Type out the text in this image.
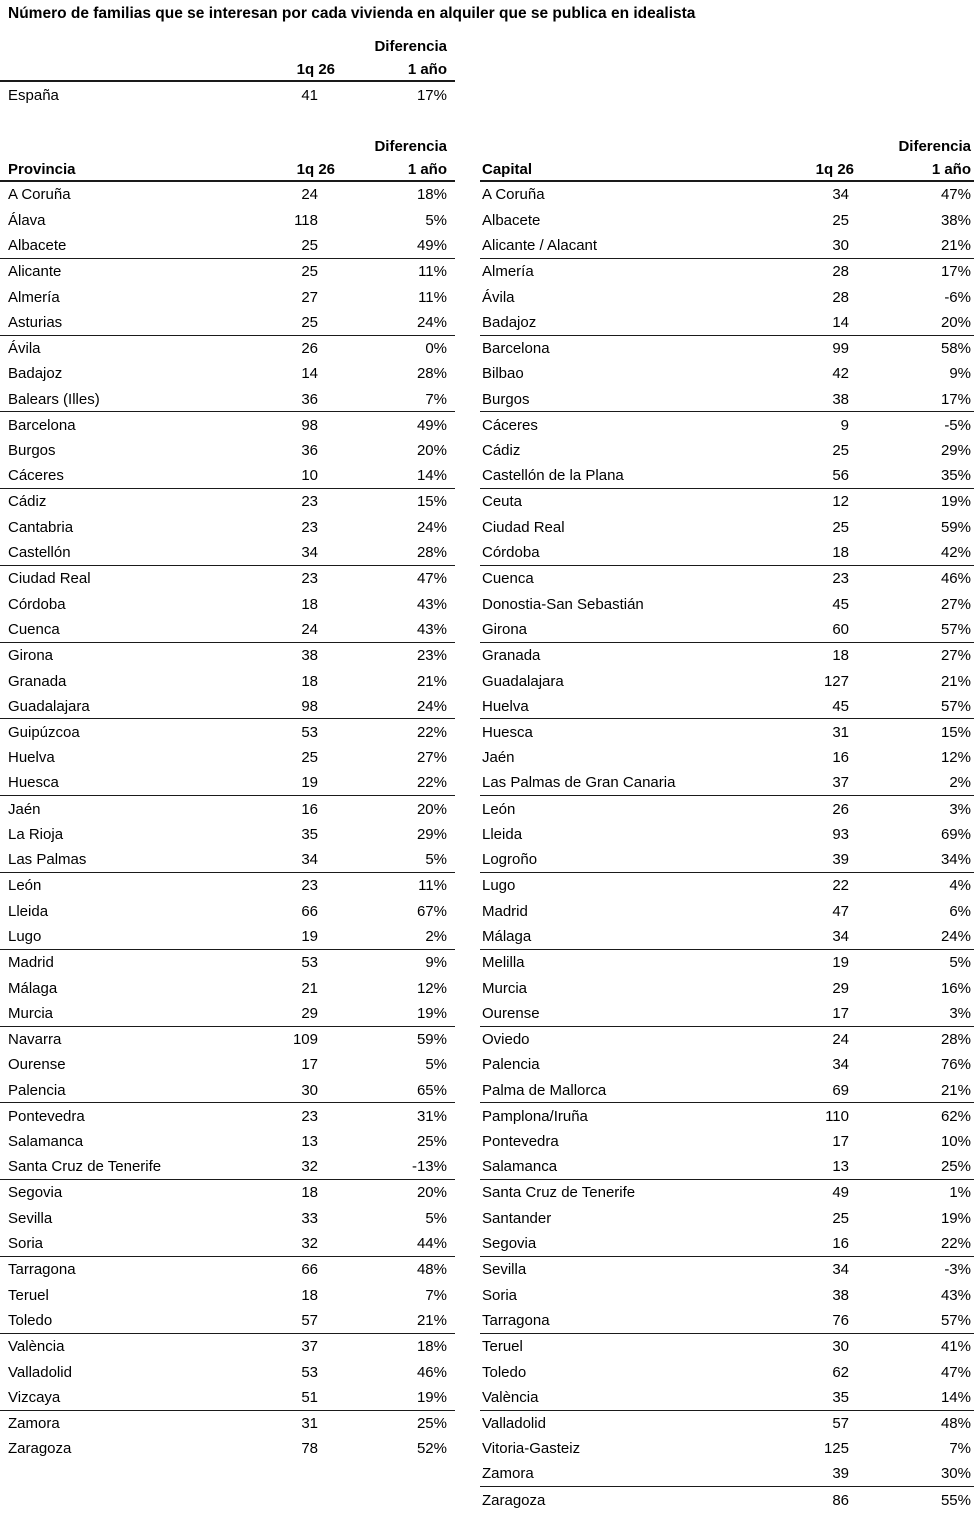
Número de familias que se interesan por cada vivienda en alquiler que se publica en idealista
Diferencia
1q 26	1 año
España	41	17%
Diferencia
Provincia	1q 26	1 año
A Coruña	24	18%
Álava	118	5%
Albacete	25	49%
Alicante	25	11%
Almería	27	11%
Asturias	25	24%
Ávila	26	0%
Badajoz	14	28%
Balears (Illes)	36	7%
Barcelona	98	49%
Burgos	36	20%
Cáceres	10	14%
Cádiz	23	15%
Cantabria	23	24%
Castellón	34	28%
Ciudad Real	23	47%
Córdoba	18	43%
Cuenca	24	43%
Girona	38	23%
Granada	18	21%
Guadalajara	98	24%
Guipúzcoa	53	22%
Huelva	25	27%
Huesca	19	22%
Jaén	16	20%
La Rioja	35	29%
Las Palmas	34	5%
León	23	11%
Lleida	66	67%
Lugo	19	2%
Madrid	53	9%
Málaga	21	12%
Murcia	29	19%
Navarra	109	59%
Ourense	17	5%
Palencia	30	65%
Pontevedra	23	31%
Salamanca	13	25%
Santa Cruz de Tenerife	32	-13%
Segovia	18	20%
Sevilla	33	5%
Soria	32	44%
Tarragona	66	48%
Teruel	18	7%
Toledo	57	21%
València	37	18%
Valladolid	53	46%
Vizcaya	51	19%
Zamora	31	25%
Zaragoza	78	52%
Diferencia
Capital	1q 26	1 año
A Coruña	34	47%
Albacete	25	38%
Alicante / Alacant	30	21%
Almería	28	17%
Ávila	28	-6%
Badajoz	14	20%
Barcelona	99	58%
Bilbao	42	9%
Burgos	38	17%
Cáceres	9	-5%
Cádiz	25	29%
Castellón de la Plana	56	35%
Ceuta	12	19%
Ciudad Real	25	59%
Córdoba	18	42%
Cuenca	23	46%
Donostia-San Sebastián	45	27%
Girona	60	57%
Granada	18	27%
Guadalajara	127	21%
Huelva	45	57%
Huesca	31	15%
Jaén	16	12%
Las Palmas de Gran Canaria	37	2%
León	26	3%
Lleida	93	69%
Logroño	39	34%
Lugo	22	4%
Madrid	47	6%
Málaga	34	24%
Melilla	19	5%
Murcia	29	16%
Ourense	17	3%
Oviedo	24	28%
Palencia	34	76%
Palma de Mallorca	69	21%
Pamplona/Iruña	110	62%
Pontevedra	17	10%
Salamanca	13	25%
Santa Cruz de Tenerife	49	1%
Santander	25	19%
Segovia	16	22%
Sevilla	34	-3%
Soria	38	43%
Tarragona	76	57%
Teruel	30	41%
Toledo	62	47%
València	35	14%
Valladolid	57	48%
Vitoria-Gasteiz	125	7%
Zamora	39	30%
Zaragoza	86	55%
